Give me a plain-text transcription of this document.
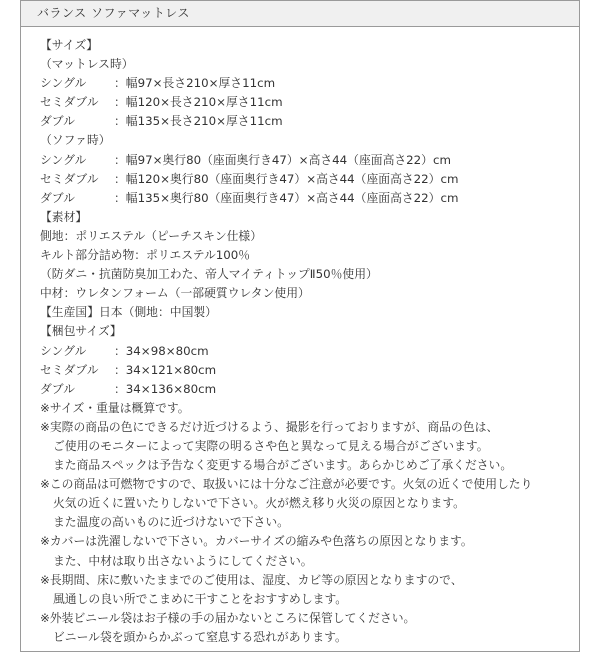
バランス ソファマットレス
【サイズ】
（マットレス時）
シングル ：幅97×長さ210×厚さ11cm
セミダブル ：幅120×長さ210×厚さ11cm
ダブル	：幅135×長さ210×厚さ11cm
（ソファ時）
シングル ：幅97×奥行80（座面奥行き47）×高さ44（座面高さ22）cm
セミダブル ：幅120×奥行80（座面奥行き47）×高さ44（座面高さ22）cm
ダブル	：幅135×奥行80（座面奥行き47）×高さ44（座面高さ22）cm
【素材】
側地：ポリエステル（ピーチスキン仕様）
キルト部分詰め物：ポリエステル100％
（防ダニ・抗菌防臭加工わた、帝人マイティトップⅡ50％使用）
中材：ウレタンフォーム（一部硬質ウレタン使用）
【生産国】日本（側地：中国製）
【梱包サイズ】
シングル ：34×98×80cm
セミダブル ：34×121×80cm
ダブル	：34×136×80cm
※サイズ・重量は概算です。
※実際の商品の色にできるだけ近づけるよう、撮影を行っておりますが、商品の色は、
ご使用のモニターによって実際の明るさや色と異なって見える場合がございます。
また商品スペックは予告なく変更する場合がございます。あらかじめご了承ください。
※この商品は可燃物ですので、取扱いには十分なご注意が必要です。火気の近くで使用したり
火気の近くに置いたりしないで下さい。火が燃え移り火災の原因となります。
また温度の高いものに近づけないで下さい。
※カバーは洗濯しないで下さい。カバーサイズの縮みや色落ちの原因となります。
また、中材は取り出さないようにしてください。
※長期間、床に敷いたままでのご使用は、湿度、カビ等の原因となりますので、
風通しの良い所でこまめに干すことをおすすめします。
※外装ビニール袋はお子様の手の届かないところに保管してください。
ビニール袋を頭からかぶって窒息する恐れがあります。
